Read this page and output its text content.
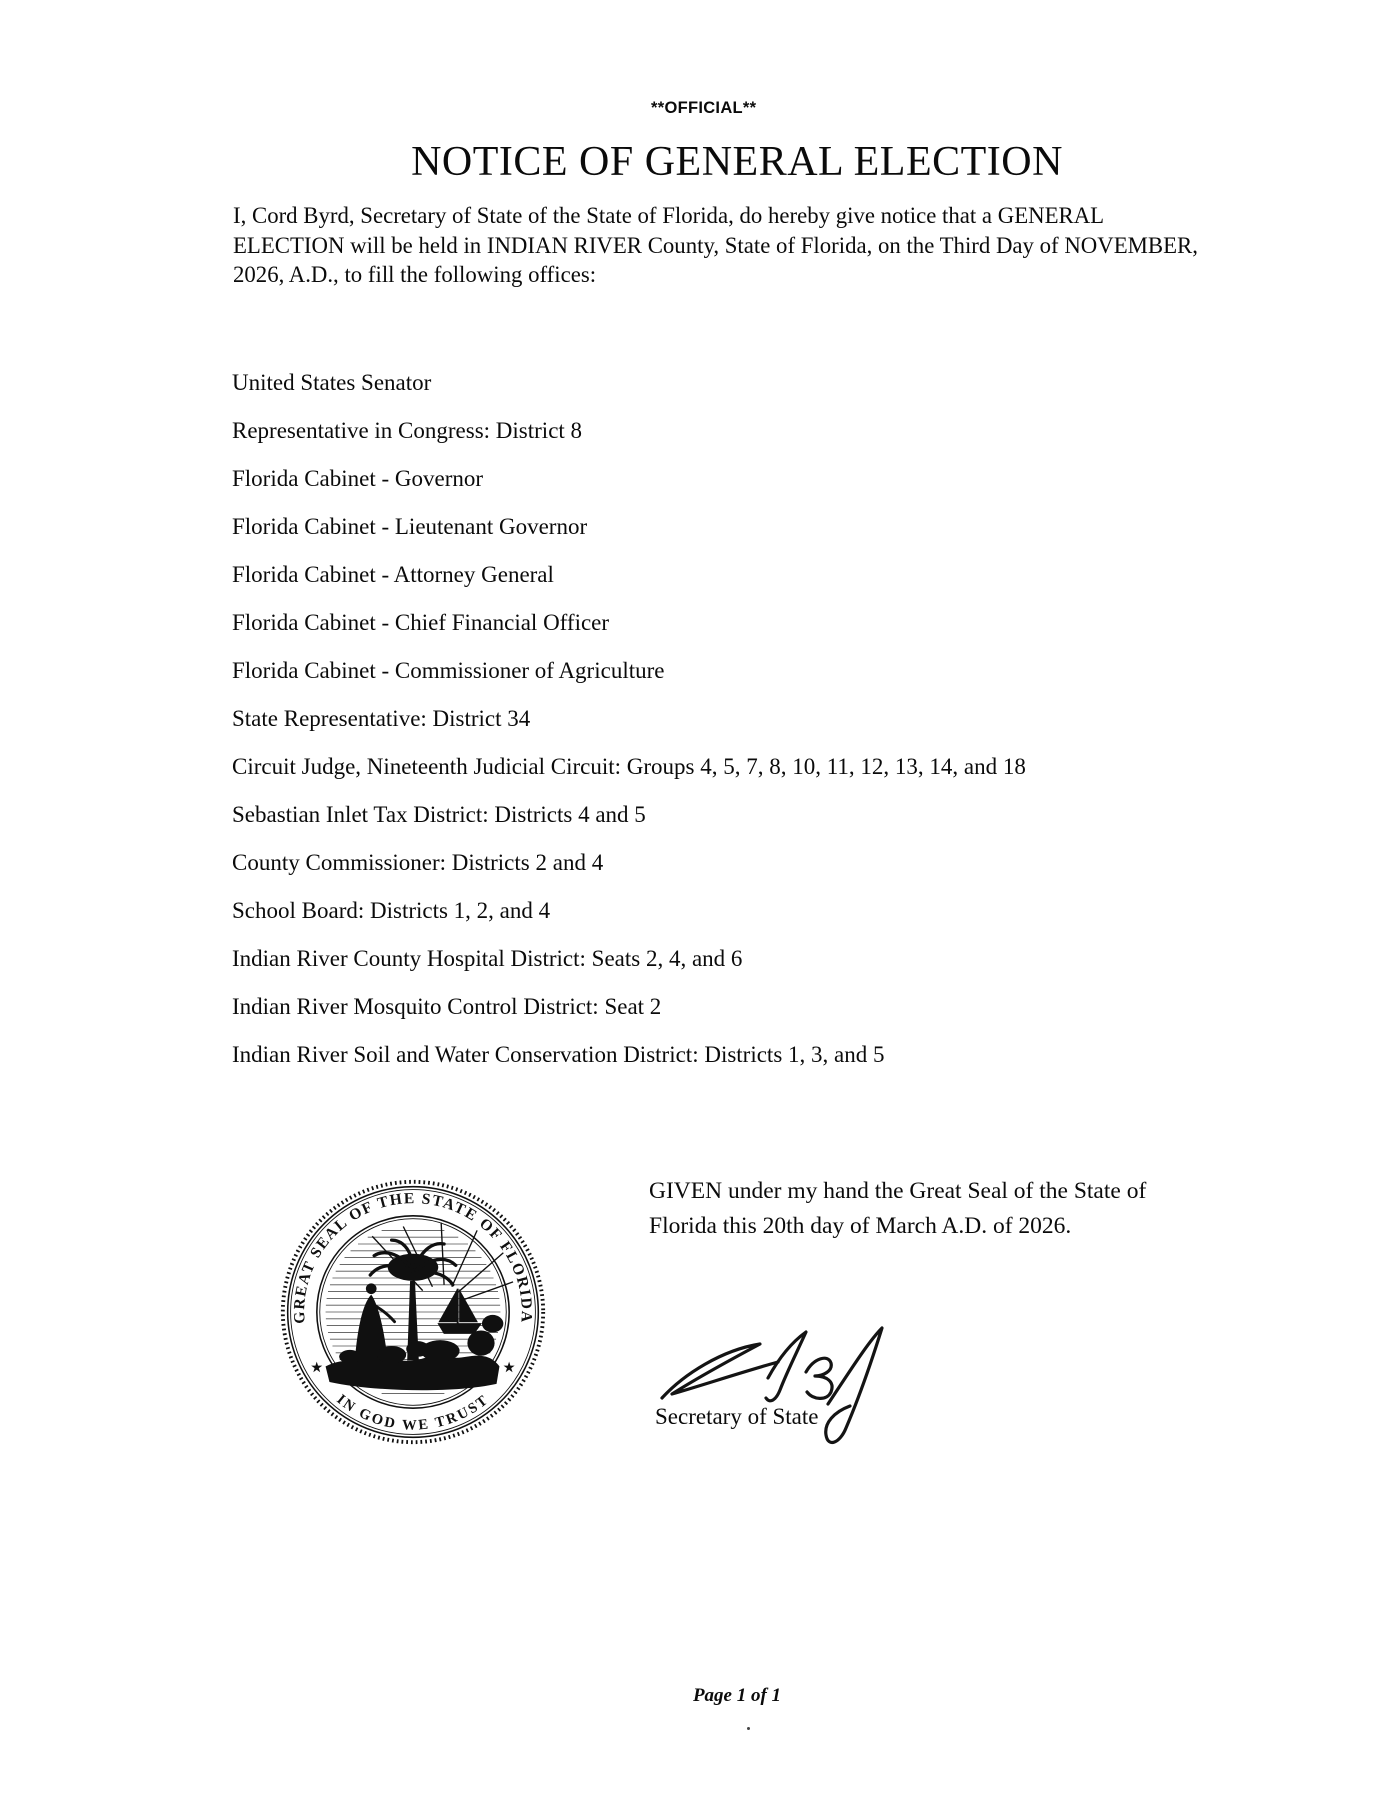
**OFFICIAL**
NOTICE OF GENERAL ELECTION
I, Cord Byrd, Secretary of State of the State of Florida, do hereby give notice that a GENERAL ELECTION will be held in INDIAN RIVER County, State of Florida, on the Third Day of NOVEMBER, 2026, A.D., to fill the following offices:
United States Senator
Representative in Congress: District 8
Florida Cabinet - Governor
Florida Cabinet - Lieutenant Governor
Florida Cabinet - Attorney General
Florida Cabinet - Chief Financial Officer
Florida Cabinet - Commissioner of Agriculture
State Representative: District 34
Circuit Judge, Nineteenth Judicial Circuit: Groups 4, 5, 7, 8, 10, 11, 12, 13, 14, and 18
Sebastian Inlet Tax District: Districts 4 and 5
County Commissioner: Districts 2 and 4
School Board: Districts 1, 2, and 4
Indian River County Hospital District: Seats 2, 4, and 6
Indian River Mosquito Control District: Seat 2
Indian River Soil and Water Conservation District: Districts 1, 3, and 5
GREAT SEAL OF THE STATE OF FLORIDA
IN GOD WE TRUST
★	★
GIVEN under my hand the Great Seal of the State of Florida this 20th day of March A.D. of 2026.
Secretary of State
Page 1 of 1
